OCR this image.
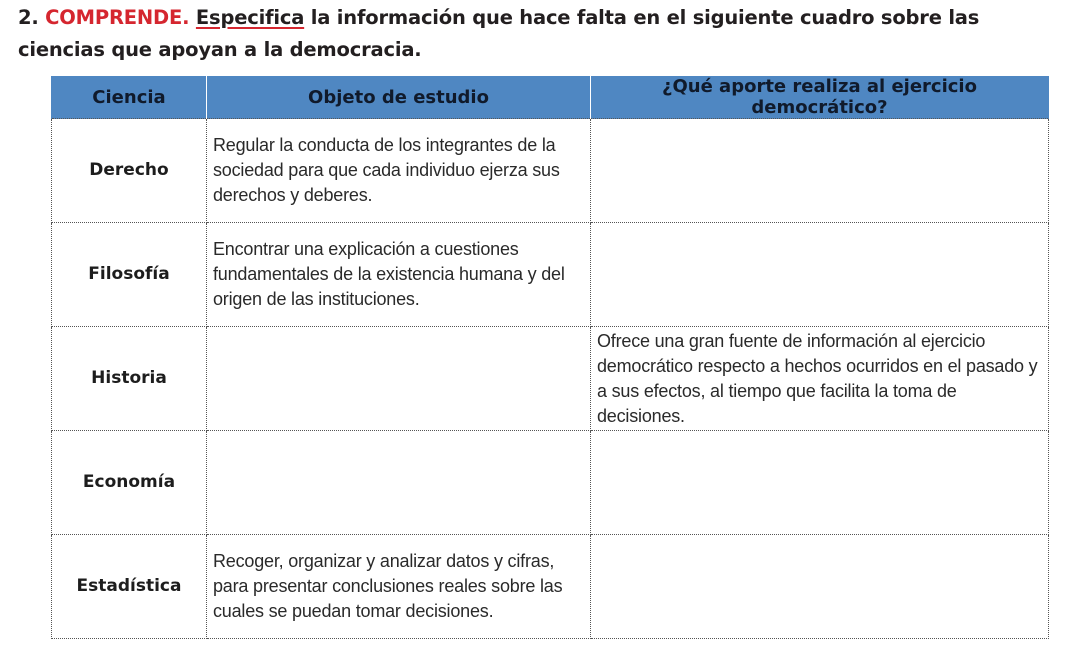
2. COMPRENDE. Especifica la información que hace falta en el siguiente cuadro sobre las ciencias que apoyan a la democracia.
Ciencia	Objeto de estudio	¿Qué aporte realiza al ejercicio democrático?
Derecho	Regular la conducta de los integrantes de la sociedad para que cada individuo ejerza sus derechos y deberes.	

Filosofía	Encontrar una explicación a cuestiones fundamentales de la existencia humana y del origen de las instituciones.	

Historia		Ofrece una gran fuente de información al ejercicio democrático respecto a hechos ocurridos en el pasado y a sus efectos, al tiempo que facilita la toma de decisiones.

Economía	

Estadística	Recoger, organizar y analizar datos y cifras, para presentar conclusiones reales sobre las cuales se puedan tomar decisiones.	
